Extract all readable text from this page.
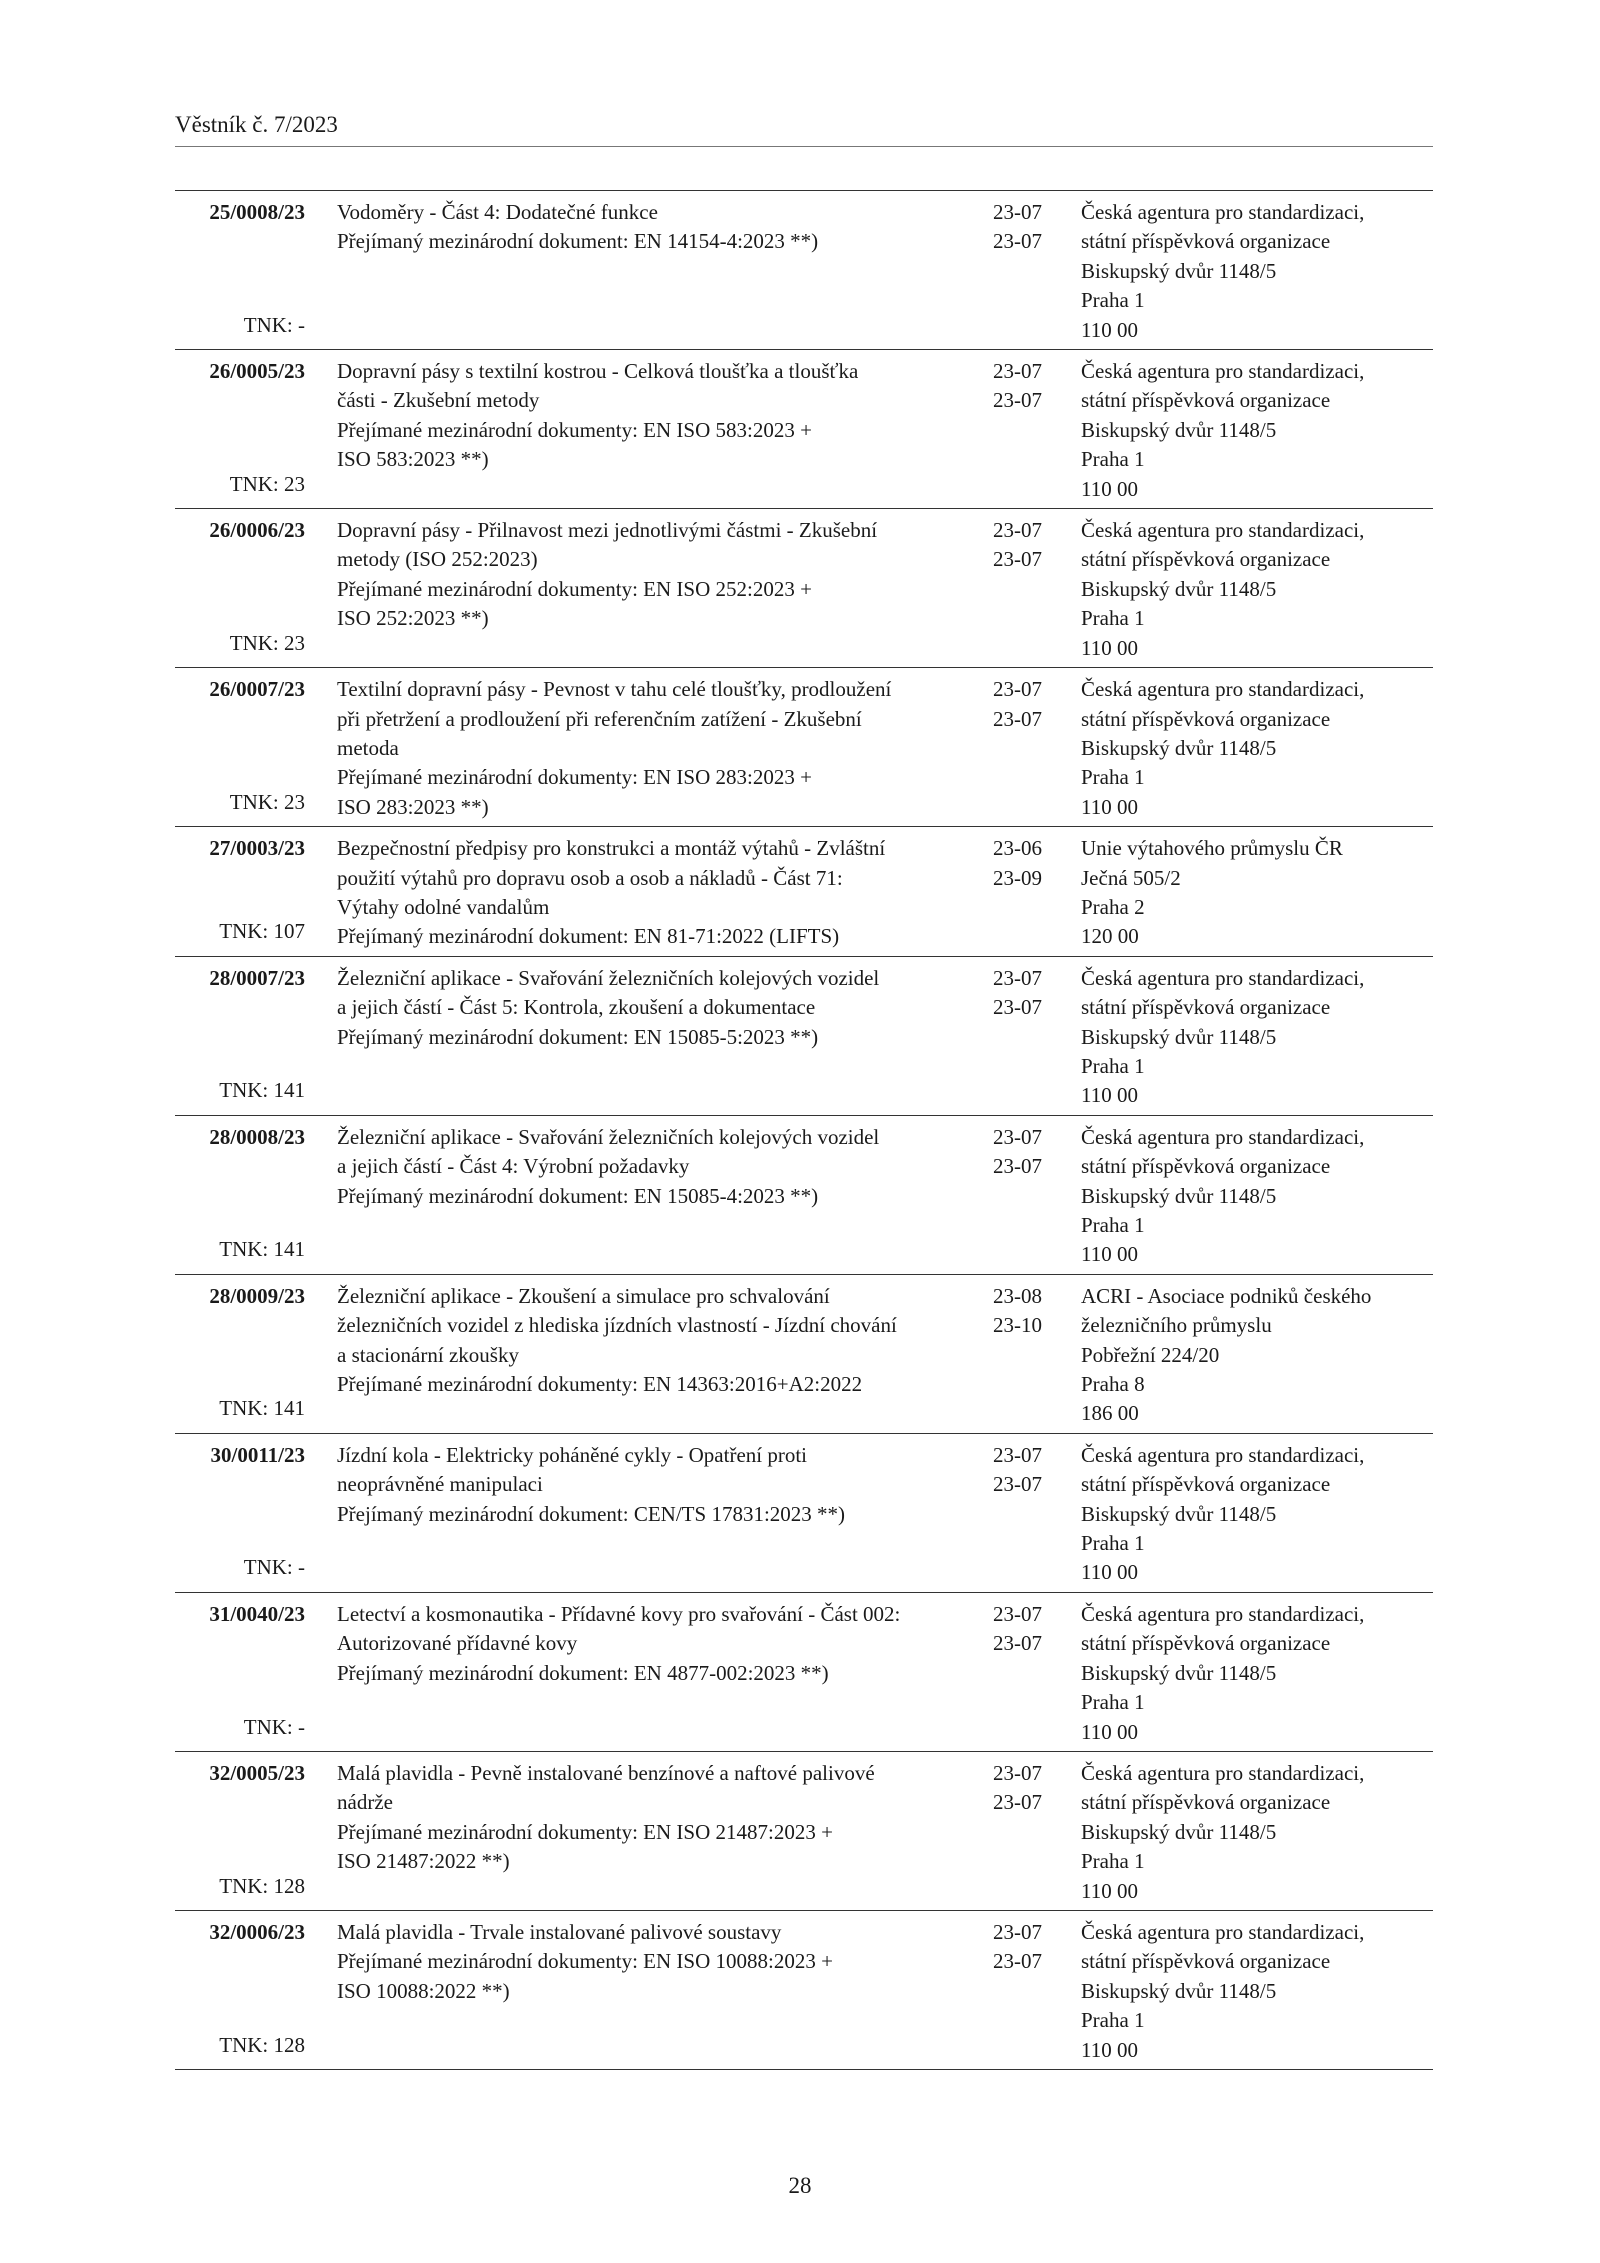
Věstník č. 7/2023
25/0008/23
TNK: -
Vodoměry - Část 4: Dodatečné funkce
Přejímaný mezinárodní dokument: EN 14154-4:2023 **)
23-07
23-07
Česká agentura pro standardizaci,
státní příspěvková organizace
Biskupský dvůr 1148/5
Praha 1
110 00
26/0005/23
TNK: 23
Dopravní pásy s textilní kostrou - Celková tloušťka a tloušťka
části - Zkušební metody
Přejímané mezinárodní dokumenty: EN ISO 583:2023 +
ISO 583:2023 **)
23-07
23-07
Česká agentura pro standardizaci,
státní příspěvková organizace
Biskupský dvůr 1148/5
Praha 1
110 00
26/0006/23
TNK: 23
Dopravní pásy - Přilnavost mezi jednotlivými částmi - Zkušební
metody (ISO 252:2023)
Přejímané mezinárodní dokumenty: EN ISO 252:2023 +
ISO 252:2023 **)
23-07
23-07
Česká agentura pro standardizaci,
státní příspěvková organizace
Biskupský dvůr 1148/5
Praha 1
110 00
26/0007/23
TNK: 23
Textilní dopravní pásy - Pevnost v tahu celé tloušťky, prodloužení
při přetržení a prodloužení při referenčním zatížení - Zkušební
metoda
Přejímané mezinárodní dokumenty: EN ISO 283:2023 +
ISO 283:2023 **)
23-07
23-07
Česká agentura pro standardizaci,
státní příspěvková organizace
Biskupský dvůr 1148/5
Praha 1
110 00
27/0003/23
TNK: 107
Bezpečnostní předpisy pro konstrukci a montáž výtahů - Zvláštní
použití výtahů pro dopravu osob a osob a nákladů - Část 71:
Výtahy odolné vandalům
Přejímaný mezinárodní dokument: EN 81-71:2022 (LIFTS)
23-06
23-09
Unie výtahového průmyslu ČR
Ječná 505/2
Praha 2
120 00
28/0007/23
TNK: 141
Železniční aplikace - Svařování železničních kolejových vozidel
a jejich částí - Část 5: Kontrola, zkoušení a dokumentace
Přejímaný mezinárodní dokument: EN 15085-5:2023 **)
23-07
23-07
Česká agentura pro standardizaci,
státní příspěvková organizace
Biskupský dvůr 1148/5
Praha 1
110 00
28/0008/23
TNK: 141
Železniční aplikace - Svařování železničních kolejových vozidel
a jejich částí - Část 4: Výrobní požadavky
Přejímaný mezinárodní dokument: EN 15085-4:2023 **)
23-07
23-07
Česká agentura pro standardizaci,
státní příspěvková organizace
Biskupský dvůr 1148/5
Praha 1
110 00
28/0009/23
TNK: 141
Železniční aplikace - Zkoušení a simulace pro schvalování
železničních vozidel z hlediska jízdních vlastností - Jízdní chování
a stacionární zkoušky
Přejímané mezinárodní dokumenty: EN 14363:2016+A2:2022
23-08
23-10
ACRI - Asociace podniků českého
železničního průmyslu
Pobřežní 224/20
Praha 8
186 00
30/0011/23
TNK: -
Jízdní kola - Elektricky poháněné cykly - Opatření proti
neoprávněné manipulaci
Přejímaný mezinárodní dokument: CEN/TS 17831:2023 **)
23-07
23-07
Česká agentura pro standardizaci,
státní příspěvková organizace
Biskupský dvůr 1148/5
Praha 1
110 00
31/0040/23
TNK: -
Letectví a kosmonautika - Přídavné kovy pro svařování - Část 002:
Autorizované přídavné kovy
Přejímaný mezinárodní dokument: EN 4877-002:2023 **)
23-07
23-07
Česká agentura pro standardizaci,
státní příspěvková organizace
Biskupský dvůr 1148/5
Praha 1
110 00
32/0005/23
TNK: 128
Malá plavidla - Pevně instalované benzínové a naftové palivové
nádrže
Přejímané mezinárodní dokumenty: EN ISO 21487:2023 +
ISO 21487:2022 **)
23-07
23-07
Česká agentura pro standardizaci,
státní příspěvková organizace
Biskupský dvůr 1148/5
Praha 1
110 00
32/0006/23
TNK: 128
Malá plavidla - Trvale instalované palivové soustavy
Přejímané mezinárodní dokumenty: EN ISO 10088:2023 +
ISO 10088:2022 **)
23-07
23-07
Česká agentura pro standardizaci,
státní příspěvková organizace
Biskupský dvůr 1148/5
Praha 1
110 00
28
